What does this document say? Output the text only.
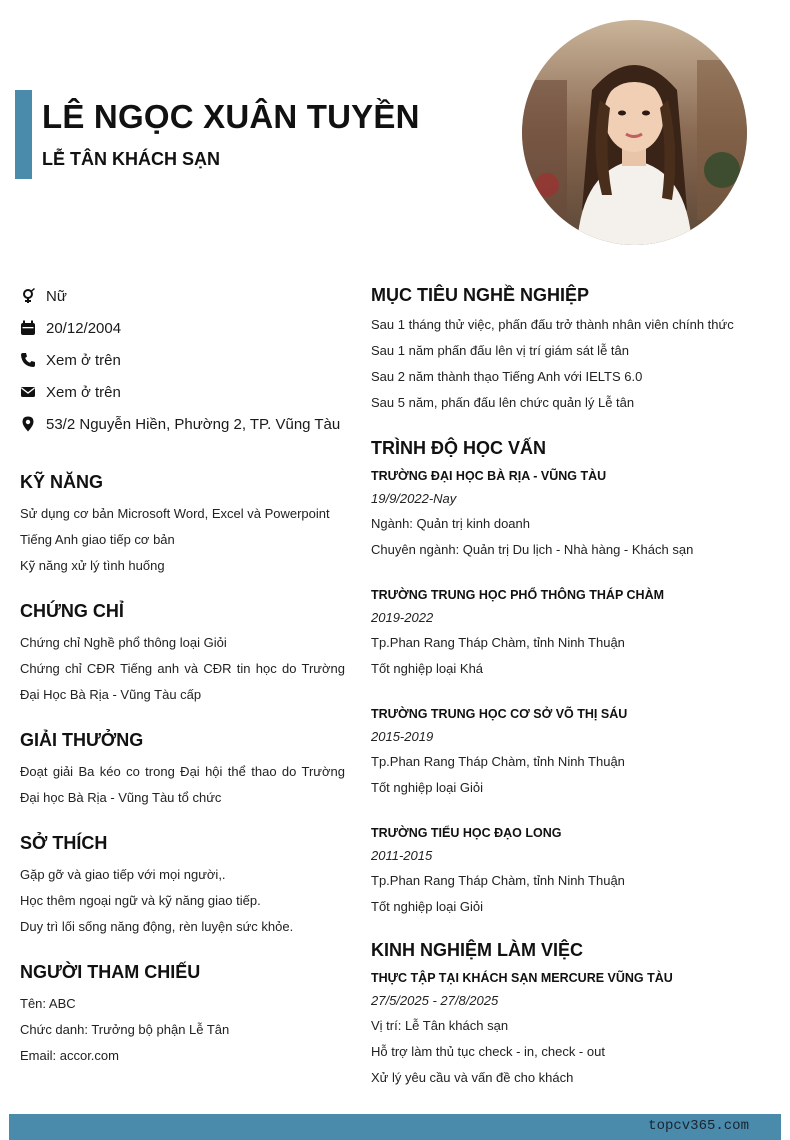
LÊ NGỌC XUÂN TUYỀN
LỄ TÂN KHÁCH SẠN
Nữ
20/12/2004
Xem ở trên
Xem ở trên
53/2 Nguyễn Hiền, Phường 2, TP. Vũng Tàu
KỸ NĂNG
Sử dụng cơ bản Microsoft Word, Excel và Powerpoint
Tiếng Anh giao tiếp cơ bản
Kỹ năng xử lý tình huống
CHỨNG CHỈ
Chứng chỉ Nghề phổ thông loại Giỏi
Chứng chỉ CĐR Tiếng anh và CĐR tin học do Trường Đại Học Bà Rịa - Vũng Tàu cấp
GIẢI THƯỞNG
Đoạt giải Ba kéo co trong Đại hội thể thao do Trường Đại học Bà Rịa - Vũng Tàu tổ chức
SỞ THÍCH
Gặp gỡ và giao tiếp với mọi người,.
Học thêm ngoại ngữ và kỹ năng giao tiếp.
Duy trì lối sống năng động, rèn luyện sức khỏe.
NGƯỜI THAM CHIẾU
Tên: ABC
Chức danh: Trưởng bộ phận Lễ Tân
Email: accor.com
MỤC TIÊU NGHỀ NGHIỆP
Sau 1 tháng thử việc, phấn đấu trở thành nhân viên chính thức
Sau 1 năm phấn đấu lên vị trí giám sát lễ tân
Sau 2 năm thành thạo Tiếng Anh với IELTS 6.0
Sau 5 năm, phấn đấu lên chức quản lý Lễ tân
TRÌNH ĐỘ HỌC VẤN
TRƯỜNG ĐẠI HỌC BÀ RỊA - VŨNG TÀU
19/9/2022-Nay
Ngành: Quản trị kinh doanh
Chuyên ngành: Quản trị Du lịch - Nhà hàng - Khách sạn
TRƯỜNG TRUNG HỌC PHỔ THÔNG THÁP CHÀM
2019-2022
Tp.Phan Rang Tháp Chàm, tỉnh Ninh Thuận
Tốt nghiệp loại Khá
TRƯỜNG TRUNG HỌC CƠ SỞ VÕ THỊ SÁU
2015-2019
Tp.Phan Rang Tháp Chàm, tỉnh Ninh Thuận
Tốt nghiệp loại Giỏi
TRƯỜNG TIỂU HỌC ĐẠO LONG
2011-2015
Tp.Phan Rang Tháp Chàm, tỉnh Ninh Thuận
Tốt nghiệp loại Giỏi
KINH NGHIỆM LÀM VIỆC
THỰC TẬP TẠI KHÁCH SẠN MERCURE VŨNG TÀU
27/5/2025 - 27/8/2025
Vị trí: Lễ Tân khách sạn
Hỗ trợ làm thủ tục check - in, check - out
Xử lý yêu cầu và vấn đề cho khách
topcv365.com
